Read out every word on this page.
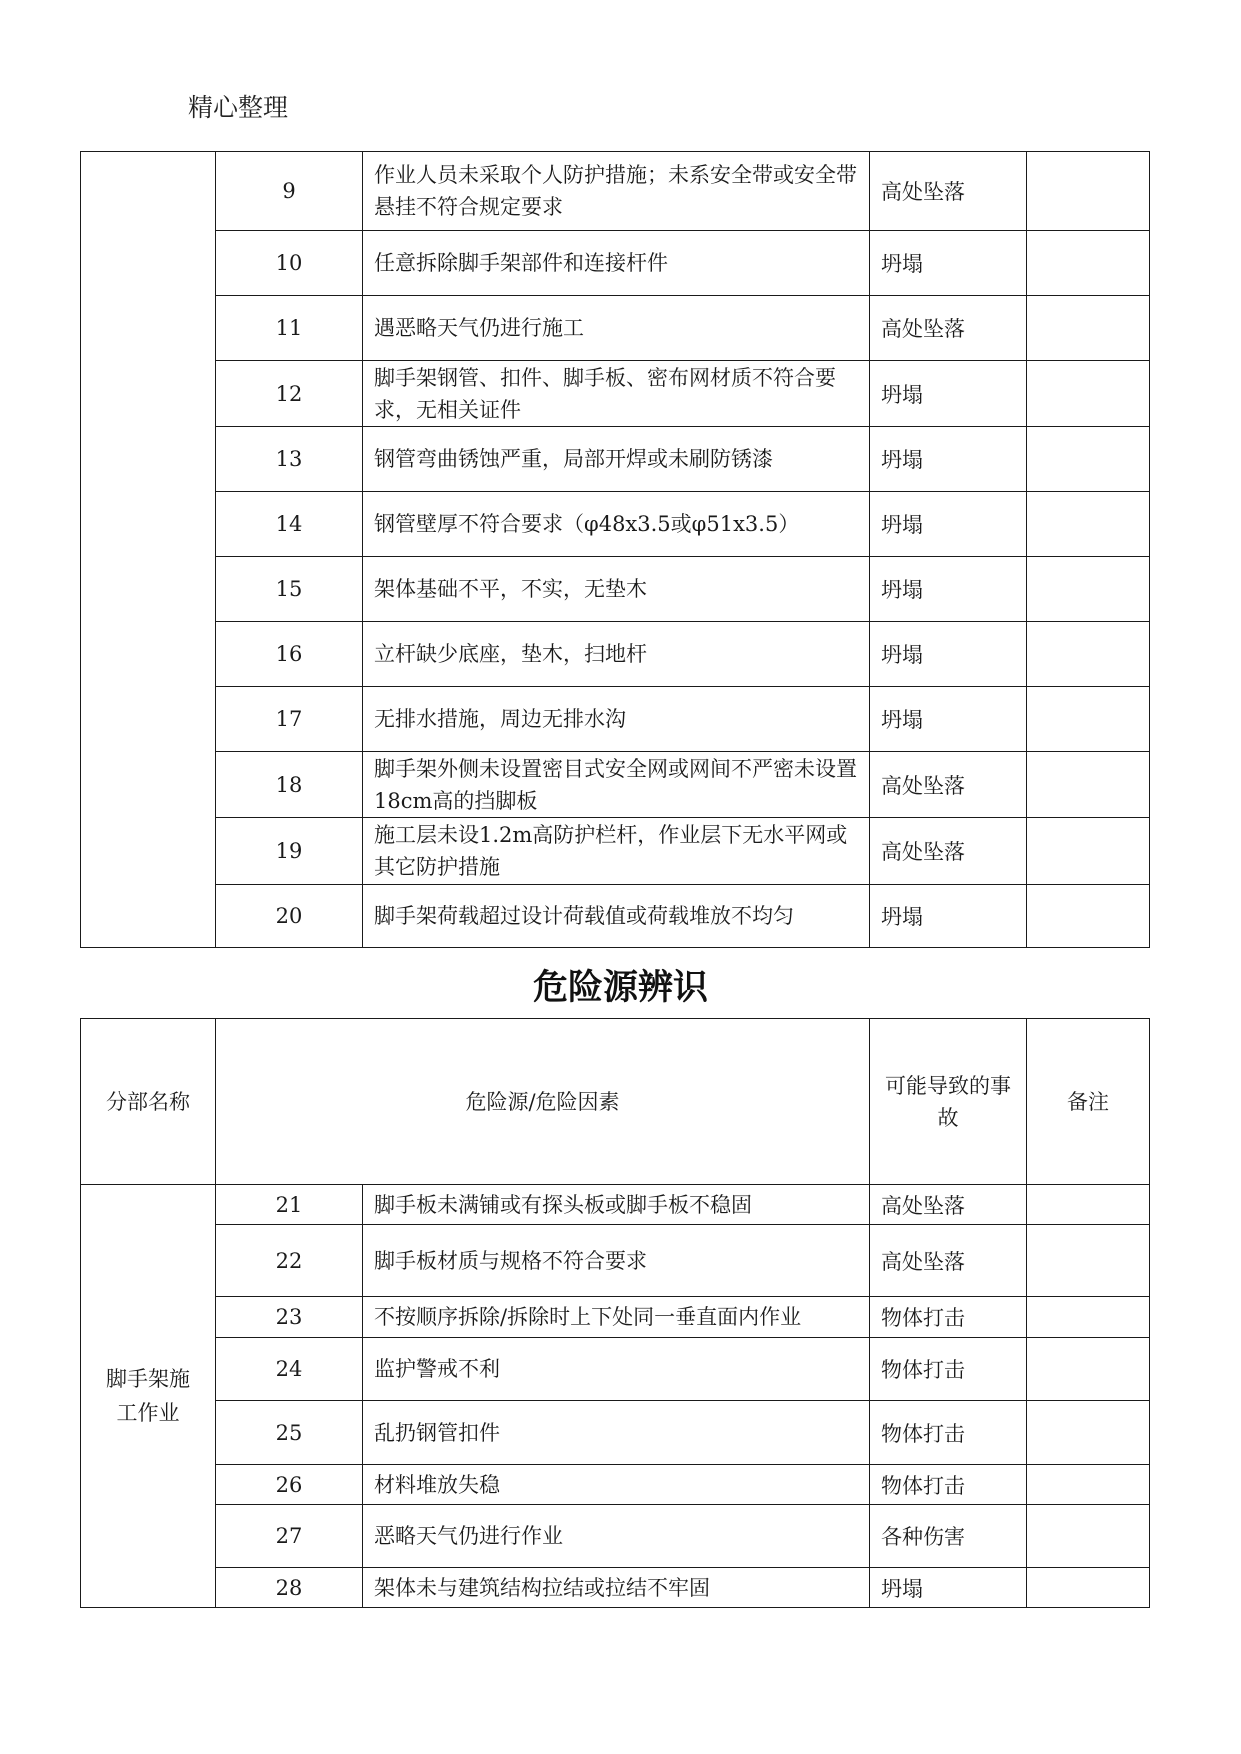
精心整理
	9	作业人员未采取个人防护措施；未系安全带或安全带悬挂不符合规定要求	高处坠落	
	10	任意拆除脚手架部件和连接杆件	坍塌	
	11	遇恶略天气仍进行施工	高处坠落	
	12	脚手架钢管、扣件、脚手板、密布网材质不符合要求，无相关证件	坍塌	
	13	钢管弯曲锈蚀严重，局部开焊或未刷防锈漆	坍塌	
	14	钢管壁厚不符合要求（φ48x3.5或φ51x3.5）	坍塌	
	15	架体基础不平，不实，无垫木	坍塌	
	16	立杆缺少底座，垫木，扫地杆	坍塌	
	17	无排水措施，周边无排水沟	坍塌	
	18	脚手架外侧未设置密目式安全网或网间不严密未设置18cm高的挡脚板	高处坠落	
	19	施工层未设1.2m高防护栏杆，作业层下无水平网或其它防护措施	高处坠落	
	20	脚手架荷载超过设计荷载值或荷载堆放不均匀	坍塌	
危险源辨识
分部名称	危险源/危险因素		可能导致的事故	备注
脚手架施工作业	21	脚手板未满铺或有探头板或脚手板不稳固	高处坠落	
	22	脚手板材质与规格不符合要求	高处坠落	
	23	不按顺序拆除/拆除时上下处同一垂直面内作业	物体打击	
	24	监护警戒不利	物体打击	
	25	乱扔钢管扣件	物体打击	
	26	材料堆放失稳	物体打击	
	27	恶略天气仍进行作业	各种伤害	
	28	架体未与建筑结构拉结或拉结不牢固	坍塌	
